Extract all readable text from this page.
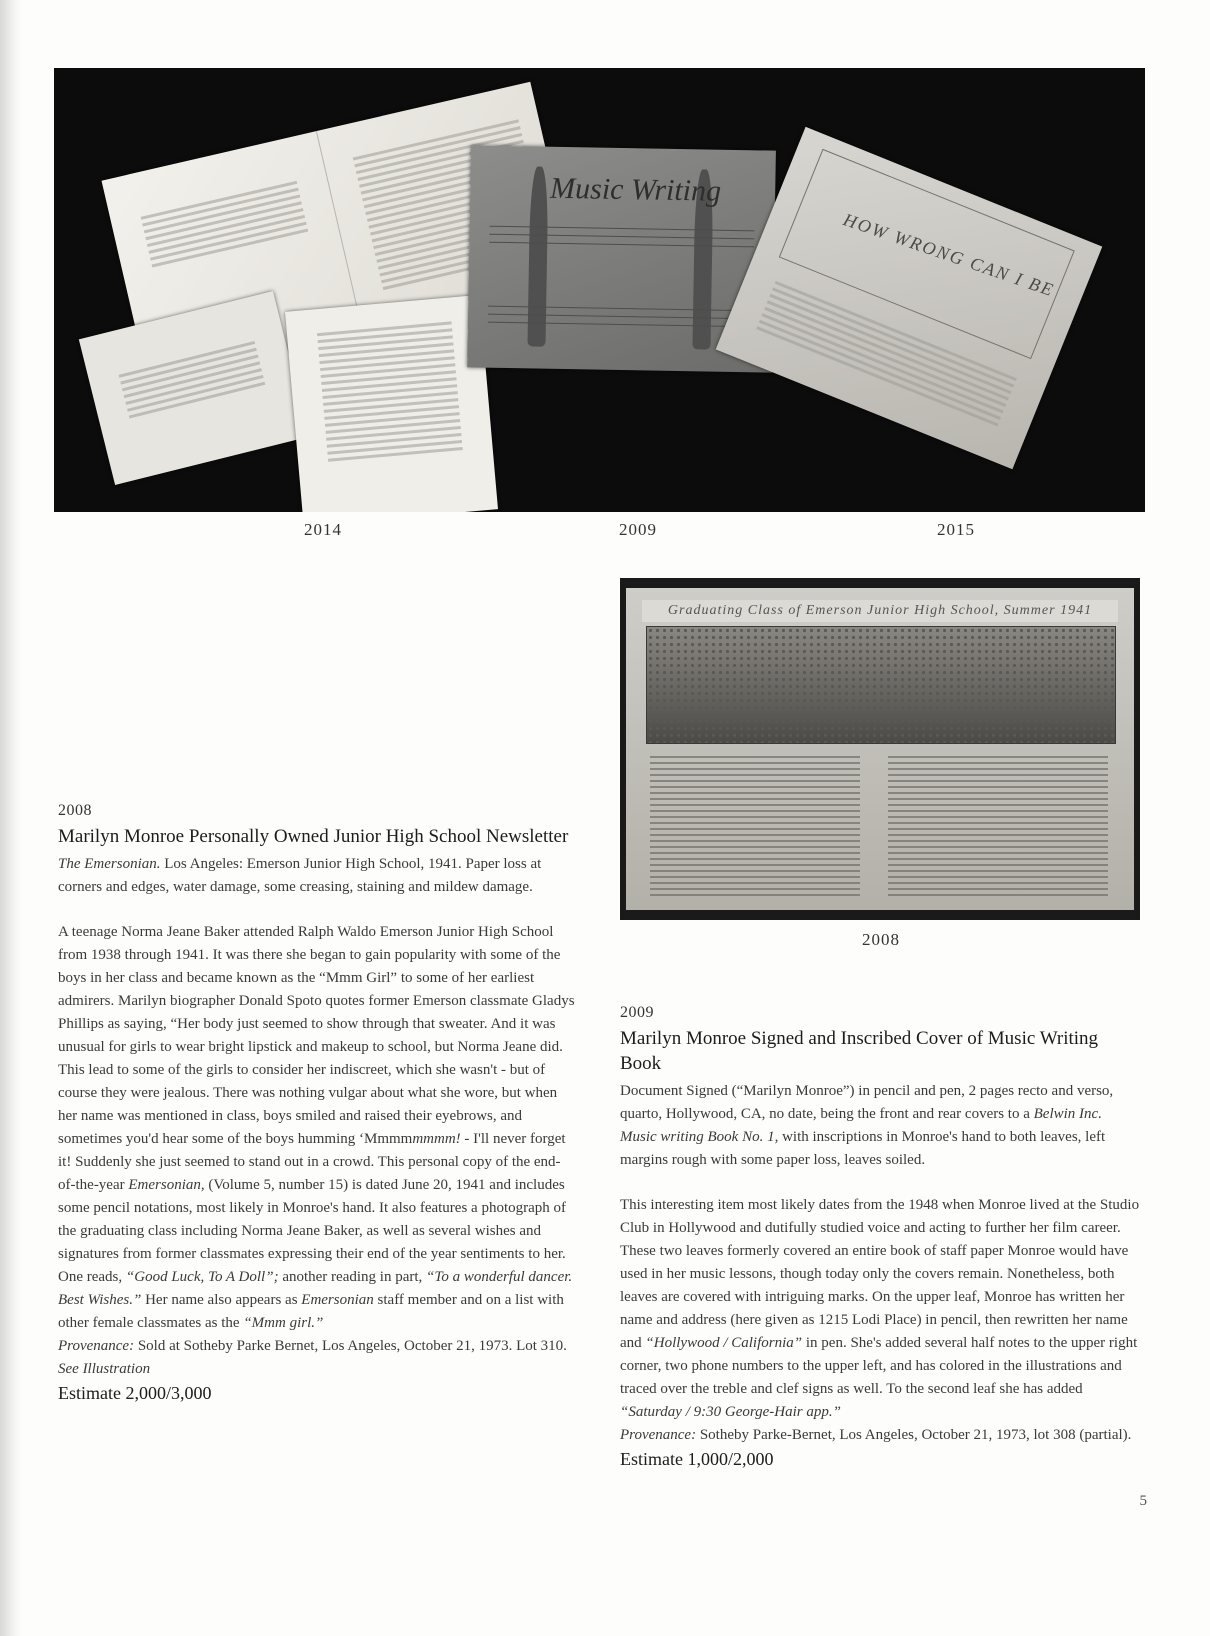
Music Writing
HOW WRONG CAN I BE
2014	2009	2015
Graduating Class of Emerson Junior High School, Summer 1941
2008
2008
Marilyn Monroe Personally Owned Junior High School Newsletter

The Emersonian. Los Angeles: Emerson Junior High School, 1941. Paper loss at corners and edges, water damage, some creasing, staining and mildew damage.

A teenage Norma Jeane Baker attended Ralph Waldo Emerson Junior High School from 1938 through 1941. It was there she began to gain popularity with some of the boys in her class and became known as the “Mmm Girl” to some of her earliest admirers. Marilyn biographer Donald Spoto quotes former Emerson classmate Gladys Phillips as saying, “Her body just seemed to show through that sweater. And it was unusual for girls to wear bright lipstick and makeup to school, but Norma Jeane did. This lead to some of the girls to consider her indiscreet, which she wasn't - but of course they were jealous. There was nothing vulgar about what she wore, but when her name was mentioned in class, boys smiled and raised their eyebrows, and sometimes you'd hear some of the boys humming ‘Mmmmmmmm! - I'll never forget it! Suddenly she just seemed to stand out in a crowd. This personal copy of the end-of-the-year Emersonian, (Volume 5, number 15) is dated June 20, 1941 and includes some pencil notations, most likely in Monroe's hand. It also features a photograph of the graduating class including Norma Jeane Baker, as well as several wishes and signatures from former classmates expressing their end of the year sentiments to her. One reads, “Good Luck, To A Doll”; another reading in part, “To a wonderful dancer. Best Wishes.” Her name also appears as Emersonian staff member and on a list with other female classmates as the “Mmm girl.”

Provenance: Sold at Sotheby Parke Bernet, Los Angeles, October 21, 1973. Lot 310.

See Illustration

Estimate 2,000/3,000
2009
Marilyn Monroe Signed and Inscribed Cover of Music Writing Book

Document Signed (“Marilyn Monroe”) in pencil and pen, 2 pages recto and verso, quarto, Hollywood, CA, no date, being the front and rear covers to a Belwin Inc. Music writing Book No. 1, with inscriptions in Monroe's hand to both leaves, left margins rough with some paper loss, leaves soiled.

This interesting item most likely dates from the 1948 when Monroe lived at the Studio Club in Hollywood and dutifully studied voice and acting to further her film career. These two leaves formerly covered an entire book of staff paper Monroe would have used in her music lessons, though today only the covers remain. Nonetheless, both leaves are covered with intriguing marks. On the upper leaf, Monroe has written her name and address (here given as 1215 Lodi Place) in pencil, then rewritten her name and “Hollywood / California” in pen. She's added several half notes to the upper right corner, two phone numbers to the upper left, and has colored in the illustrations and traced over the treble and clef signs as well. To the second leaf she has added “Saturday / 9:30 George-Hair app.”

Provenance: Sotheby Parke-Bernet, Los Angeles, October 21, 1973, lot 308 (partial).

Estimate 1,000/2,000
5
